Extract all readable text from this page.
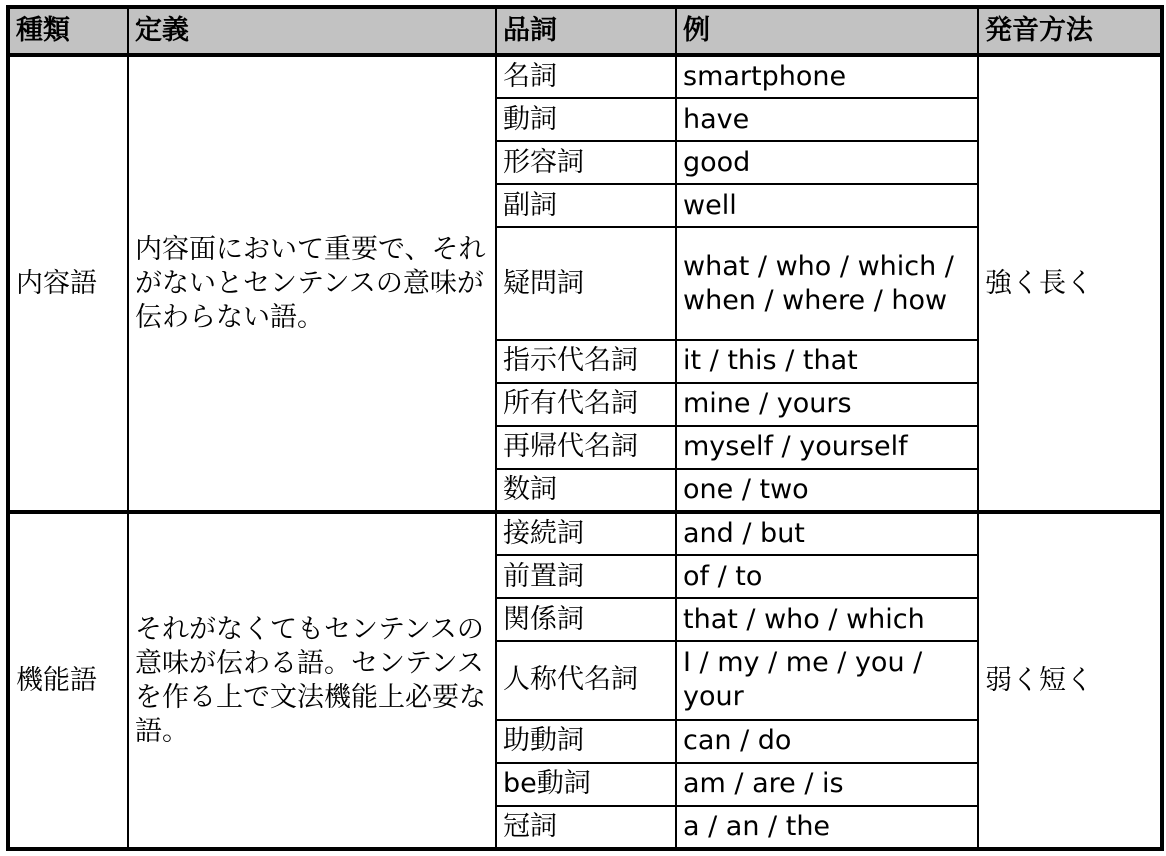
種類	定義	品詞	例	発音方法
内容語	内容面において重要で、それがないとセンテンスの意味が伝わらない語。	名詞	smartphone	強く長く
		動詞	have	
		形容詞	good	
		副詞	well	
		疑問詞	what / who / which / when / where / how	
		指示代名詞	it / this / that	
		所有代名詞	mine / yours	
		再帰代名詞	myself / yourself	
		数詞	one / two	
機能語	それがなくてもセンテンスの意味が伝わる語。センテンスを作る上で文法機能上必要な語。	接続詞	and / but	弱く短く
		前置詞	of / to	
		関係詞	that / who / which	
		人称代名詞	I / my / me / you / your	
		助動詞	can / do	
		be動詞	am / are / is	
		冠詞	a / an / the	
